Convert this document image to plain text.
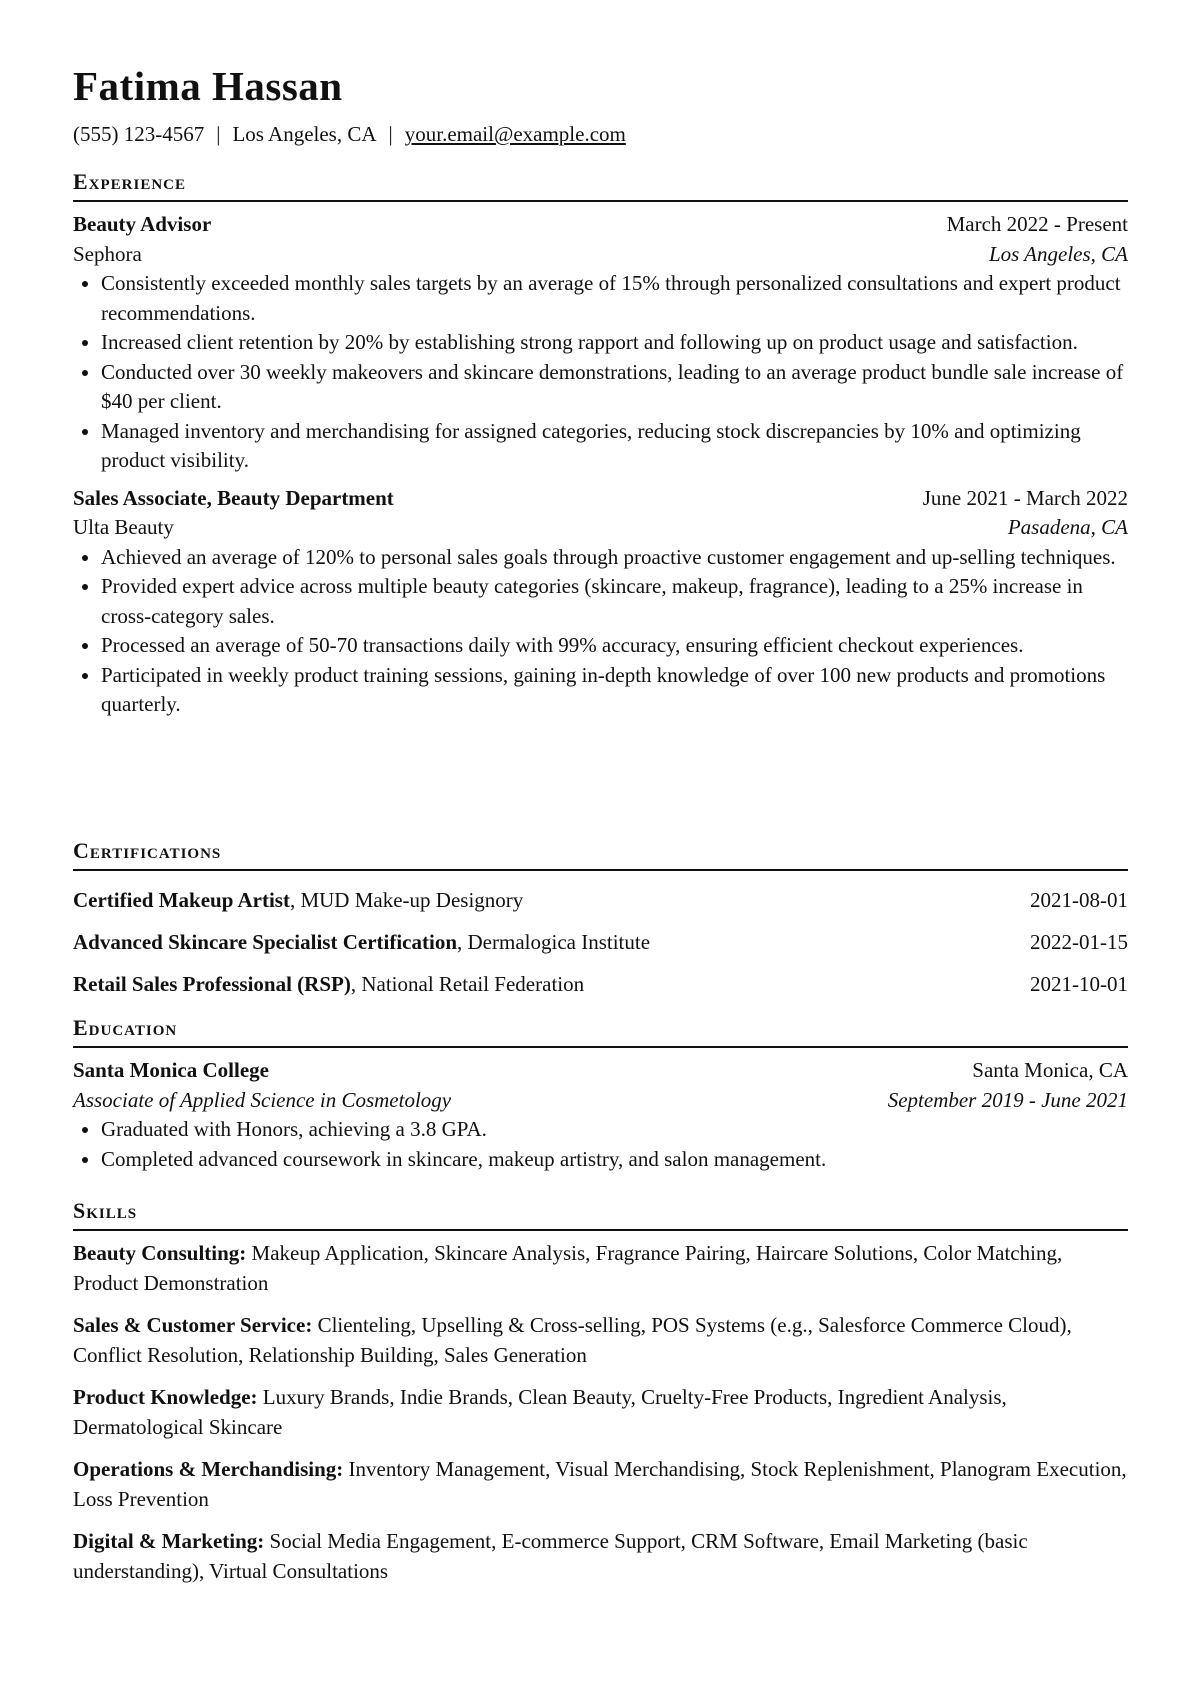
Fatima Hassan
(555) 123-4567 | Los Angeles, CA | your.email@example.com
Experience
Beauty Advisor	March 2022 - Present
Sephora	Los Angeles, CA
• Consistently exceeded monthly sales targets by an average of 15% through personalized consultations and expert product recommendations.
• Increased client retention by 20% by establishing strong rapport and following up on product usage and satisfaction.
• Conducted over 30 weekly makeovers and skincare demonstrations, leading to an average product bundle sale increase of $40 per client.
• Managed inventory and merchandising for assigned categories, reducing stock discrepancies by 10% and optimizing product visibility.
Sales Associate, Beauty Department	June 2021 - March 2022
Ulta Beauty	Pasadena, CA
• Achieved an average of 120% to personal sales goals through proactive customer engagement and up-selling techniques.
• Provided expert advice across multiple beauty categories (skincare, makeup, fragrance), leading to a 25% increase in cross-category sales.
• Processed an average of 50-70 transactions daily with 99% accuracy, ensuring efficient checkout experiences.
• Participated in weekly product training sessions, gaining in-depth knowledge of over 100 new products and promotions quarterly.
Certifications
Certified Makeup Artist, MUD Make-up Designory	2021-08-01
Advanced Skincare Specialist Certification, Dermalogica Institute	2022-01-15
Retail Sales Professional (RSP), National Retail Federation	2021-10-01
Education
Santa Monica College	Santa Monica, CA
Associate of Applied Science in Cosmetology	September 2019 - June 2021
• Graduated with Honors, achieving a 3.8 GPA.
• Completed advanced coursework in skincare, makeup artistry, and salon management.
Skills
Beauty Consulting: Makeup Application, Skincare Analysis, Fragrance Pairing, Haircare Solutions, Color Matching, Product Demonstration
Sales & Customer Service: Clienteling, Upselling & Cross-selling, POS Systems (e.g., Salesforce Commerce Cloud), Conflict Resolution, Relationship Building, Sales Generation
Product Knowledge: Luxury Brands, Indie Brands, Clean Beauty, Cruelty-Free Products, Ingredient Analysis, Dermatological Skincare
Operations & Merchandising: Inventory Management, Visual Merchandising, Stock Replenishment, Planogram Execution, Loss Prevention
Digital & Marketing: Social Media Engagement, E-commerce Support, CRM Software, Email Marketing (basic understanding), Virtual Consultations
